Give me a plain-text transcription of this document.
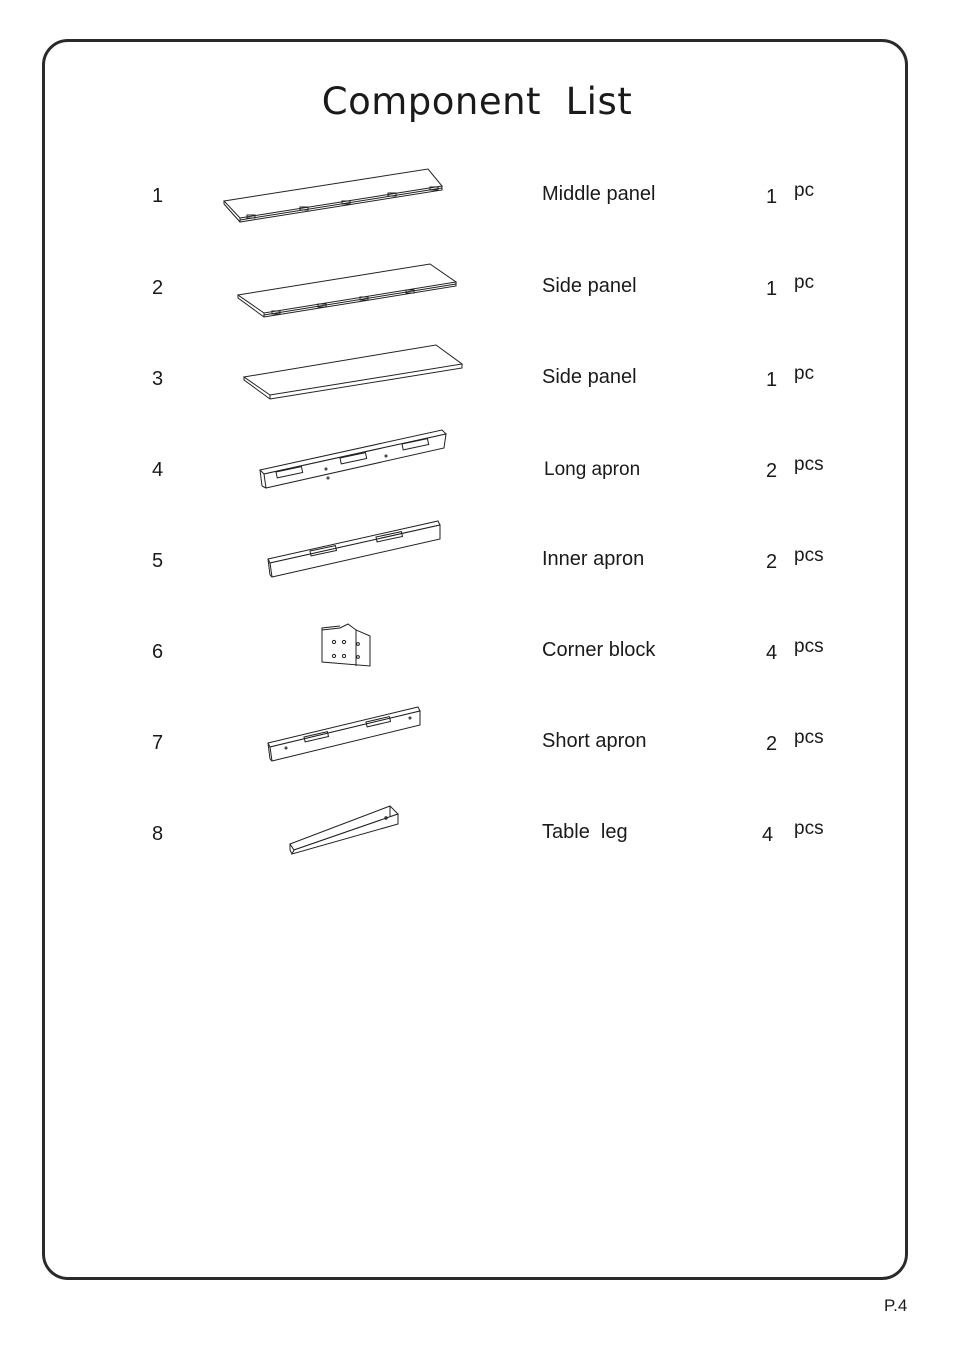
Component  List
1	Middle panel	1 pc
2	Side panel	1 pc
3	Side panel	1 pc
4	Long apron	2 pcs
5	Inner apron	2 pcs
6	Corner block	4 pcs
7	Short apron	2 pcs
8	Table  leg	4 pcs
P.4
